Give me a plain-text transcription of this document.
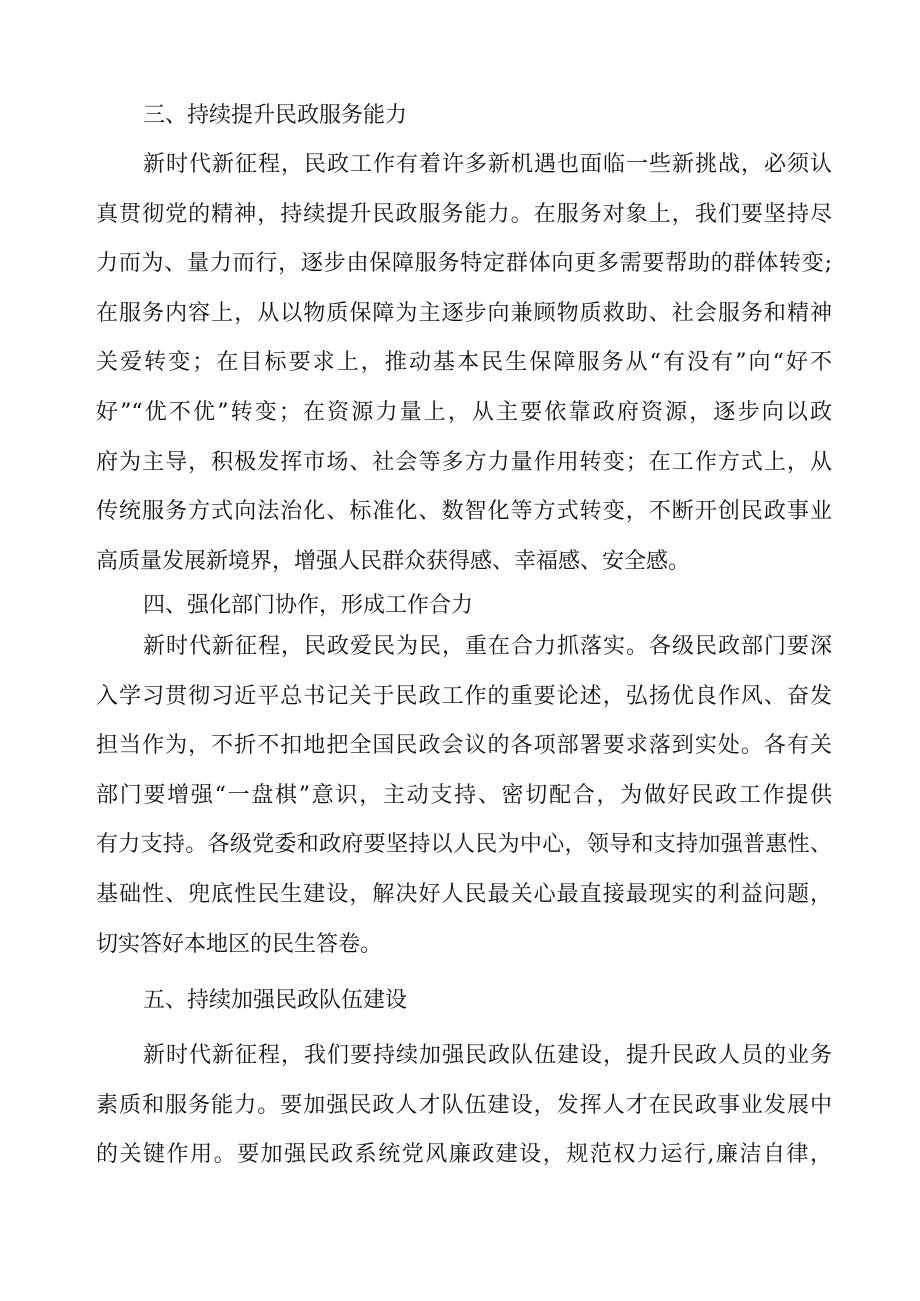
三、持续提升民政服务能力
新时代新征程，民政工作有着许多新机遇也面临一些新挑战，必须认
真贯彻党的精神，持续提升民政服务能力。在服务对象上，我们要坚持尽
力而为、量力而行，逐步由保障服务特定群体向更多需要帮助的群体转变;
在服务内容上，从以物质保障为主逐步向兼顾物质救助、社会服务和精神
关爱转变；在目标要求上，推动基本民生保障服务从“有没有”向“好不
好”“优不优”转变；在资源力量上，从主要依靠政府资源，逐步向以政
府为主导，积极发挥市场、社会等多方力量作用转变；在工作方式上，从
传统服务方式向法治化、标准化、数智化等方式转变，不断开创民政事业
高质量发展新境界，增强人民群众获得感、幸福感、安全感。
四、强化部门协作，形成工作合力
新时代新征程，民政爱民为民，重在合力抓落实。各级民政部门要深
入学习贯彻习近平总书记关于民政工作的重要论述，弘扬优良作风、奋发
担当作为，不折不扣地把全国民政会议的各项部署要求落到实处。各有关
部门要增强“一盘棋”意识，主动支持、密切配合，为做好民政工作提供
有力支持。各级党委和政府要坚持以人民为中心，领导和支持加强普惠性、
基础性、兜底性民生建设，解决好人民最关心最直接最现实的利益问题，
切实答好本地区的民生答卷。
五、持续加强民政队伍建设
新时代新征程，我们要持续加强民政队伍建设，提升民政人员的业务
素质和服务能力。要加强民政人才队伍建设，发挥人才在民政事业发展中
的关键作用。要加强民政系统党风廉政建设，规范权力运行,廉洁自律，
